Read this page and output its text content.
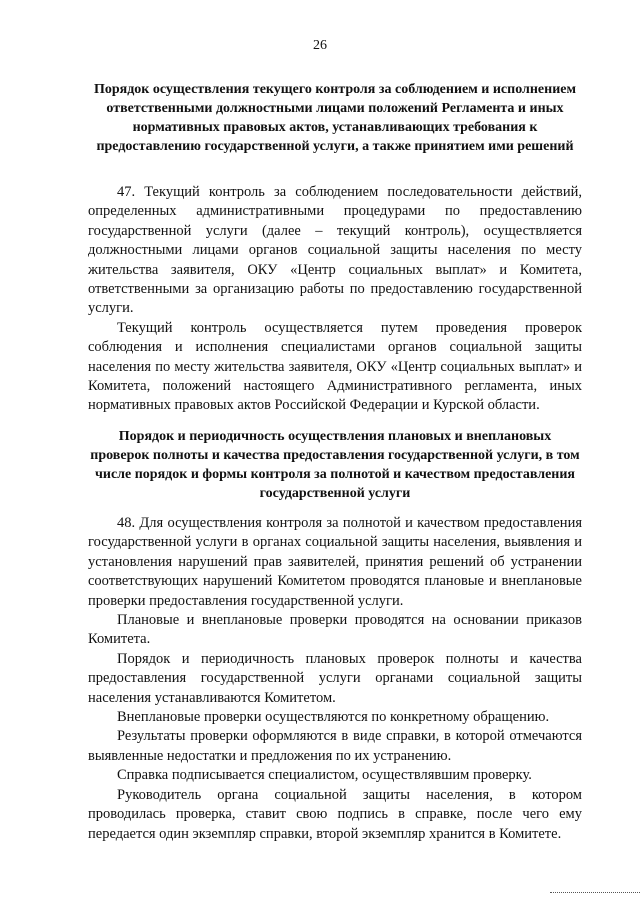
26
Порядок осуществления текущего контроля за соблюдением и исполнением ответственными должностными лицами положений Регламента и иных нормативных правовых актов, устанавливающих требования к предоставлению государственной услуги, а также принятием ими решений

47. Текущий контроль за соблюдением последовательности действий, определенных административными процедурами по предоставлению государственной услуги (далее – текущий контроль), осуществляется должностными лицами органов социальной защиты населения по месту жительства заявителя, ОКУ «Центр социальных выплат» и Комитета, ответственными за организацию работы по предоставлению государственной услуги.

Текущий контроль осуществляется путем проведения проверок соблюдения и исполнения специалистами органов социальной защиты населения по месту жительства заявителя, ОКУ «Центр социальных выплат» и Комитета, положений настоящего Административного регламента, иных нормативных правовых актов Российской Федерации и Курской области.

Порядок и периодичность осуществления плановых и внеплановых проверок полноты и качества предоставления государственной услуги, в том числе порядок и формы контроля за полнотой и качеством предоставления государственной услуги

48. Для осуществления контроля за полнотой и качеством предоставления государственной услуги в органах социальной защиты населения, выявления и установления нарушений прав заявителей, принятия решений об устранении соответствующих нарушений Комитетом проводятся плановые и внеплановые проверки предоставления государственной услуги.

Плановые и внеплановые проверки проводятся на основании приказов Комитета.

Порядок и периодичность плановых проверок полноты и качества предоставления государственной услуги органами социальной защиты населения устанавливаются Комитетом.

Внеплановые проверки осуществляются по конкретному обращению.

Результаты проверки оформляются в виде справки, в которой отмечаются выявленные недостатки и предложения по их устранению.

Справка подписывается специалистом, осуществлявшим проверку.

Руководитель органа социальной защиты населения, в котором проводилась проверка, ставит свою подпись в справке, после чего ему передается один экземпляр справки, второй экземпляр хранится в Комитете.
